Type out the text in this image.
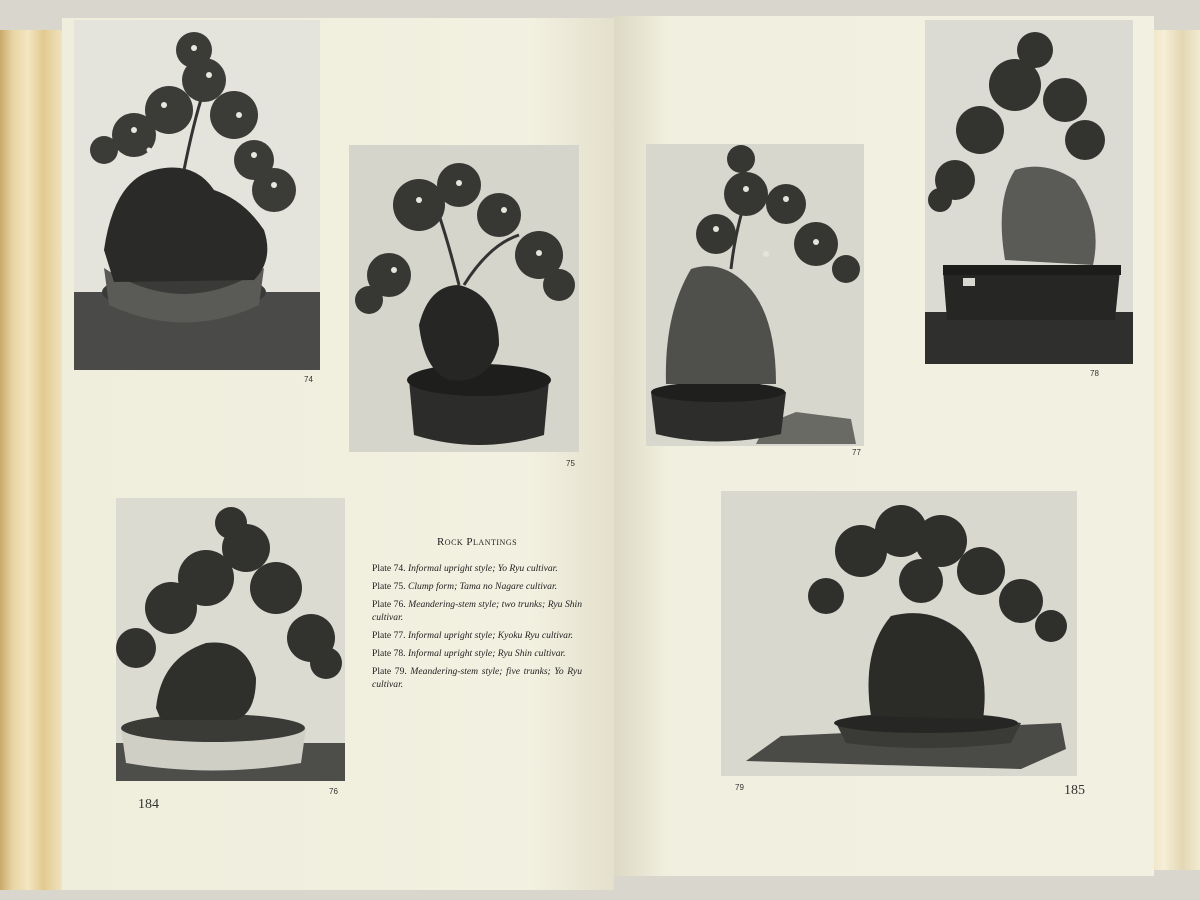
74
75
76
Rock Plantings
Plate 74. Informal upright style; Yo Ryu cultivar.
Plate 75. Clump form; Tama no Nagare cultivar.
Plate 76. Meandering-stem style; two trunks; Ryu Shin cultivar.
Plate 77. Informal upright style; Kyoku Ryu cultivar.
Plate 78. Informal upright style; Ryu Shin cultivar.
Plate 79. Meandering-stem style; five trunks; Yo Ryu cultivar.
184
77
78
79	185
